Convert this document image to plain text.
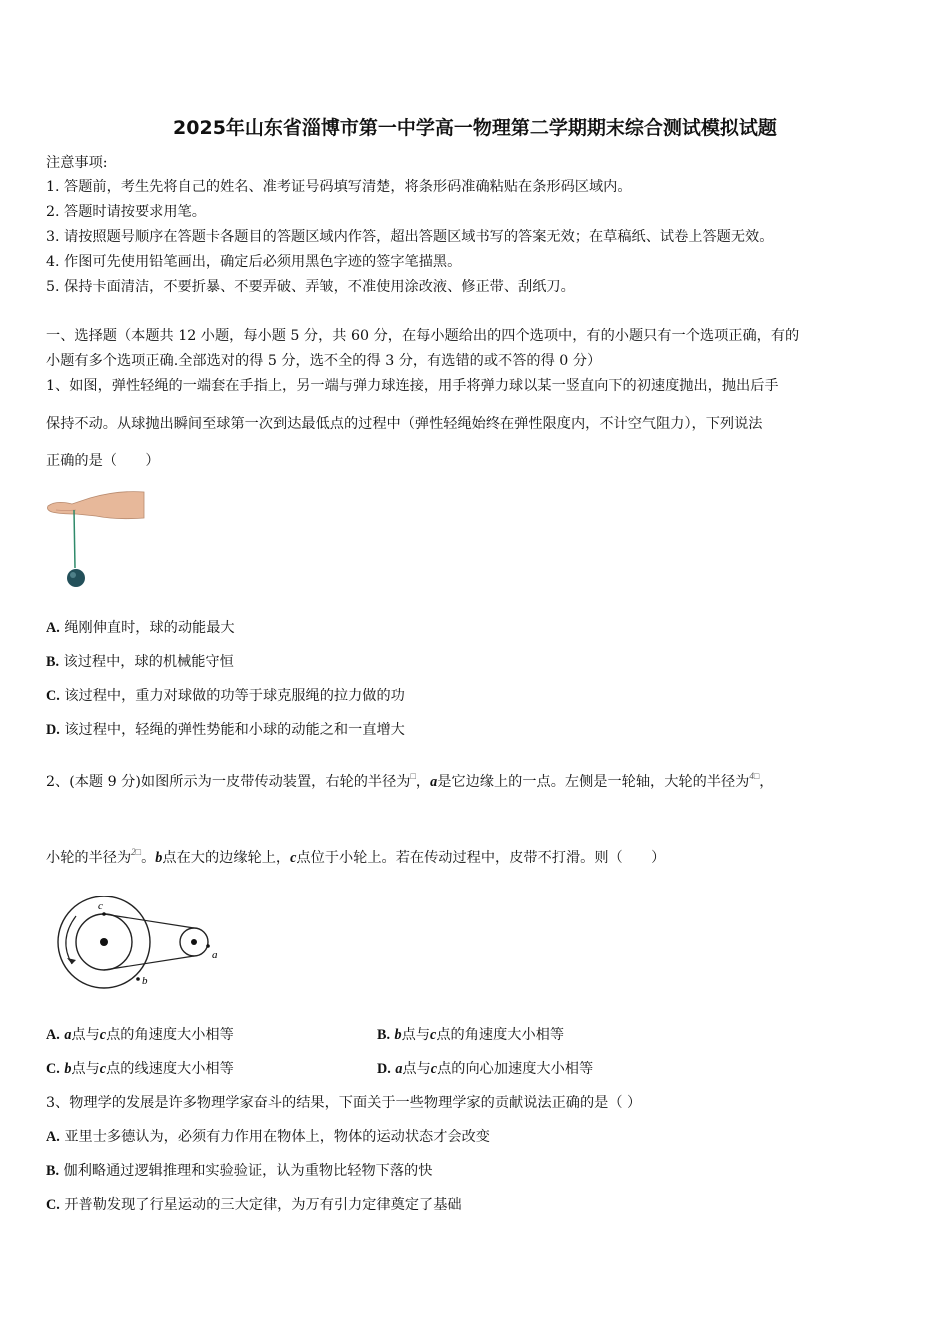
2025年山东省淄博市第一中学高一物理第二学期期末综合测试模拟试题
注意事项:
1. 答题前，考生先将自己的姓名、准考证号码填写清楚，将条形码准确粘贴在条形码区域内。
2. 答题时请按要求用笔。
3. 请按照题号顺序在答题卡各题目的答题区域内作答，超出答题区域书写的答案无效；在草稿纸、试卷上答题无效。
4. 作图可先使用铅笔画出，确定后必须用黑色字迹的签字笔描黑。
5. 保持卡面清洁，不要折暴、不要弄破、弄皱，不准使用涂改液、修正带、刮纸刀。
一、选择题（本题共 12 小题，每小题 5 分，共 60 分，在每小题给出的四个选项中，有的小题只有一个选项正确，有的
小题有多个选项正确.全部选对的得 5 分，选不全的得 3 分，有选错的或不答的得 0 分）
1、如图，弹性轻绳的一端套在手指上，另一端与弹力球连接，用手将弹力球以某一竖直向下的初速度抛出，抛出后手
保持不动。从球抛出瞬间至球第一次到达最低点的过程中（弹性轻绳始终在弹性限度内，不计空气阻力），下列说法
正确的是（　　）
A. 绳刚伸直时，球的动能最大
B. 该过程中，球的机械能守恒
C. 该过程中，重力对球做的功等于球克服绳的拉力做的功
D. 该过程中，轻绳的弹性势能和小球的动能之和一直增大
2、(本题 9 分)如图所示为一皮带传动装置，右轮的半径为□，a是它边缘上的一点。左侧是一轮轴，大轮的半径为$^{4□}$，
小轮的半径为$^{2□}$。b点在大的边缘轮上，c点位于小轮上。若在传动过程中，皮带不打滑。则（　　）
c
b
a
A. a点与c点的角速度大小相等	B. b点与c点的角速度大小相等
C. b点与c点的线速度大小相等	D. a点与c点的向心加速度大小相等
3、物理学的发展是许多物理学家奋斗的结果，下面关于一些物理学家的贡献说法正确的是（ ）
A. 亚里士多德认为，必须有力作用在物体上，物体的运动状态才会改变
B. 伽利略通过逻辑推理和实验验证，认为重物比轻物下落的快
C. 开普勒发现了行星运动的三大定律，为万有引力定律奠定了基础
